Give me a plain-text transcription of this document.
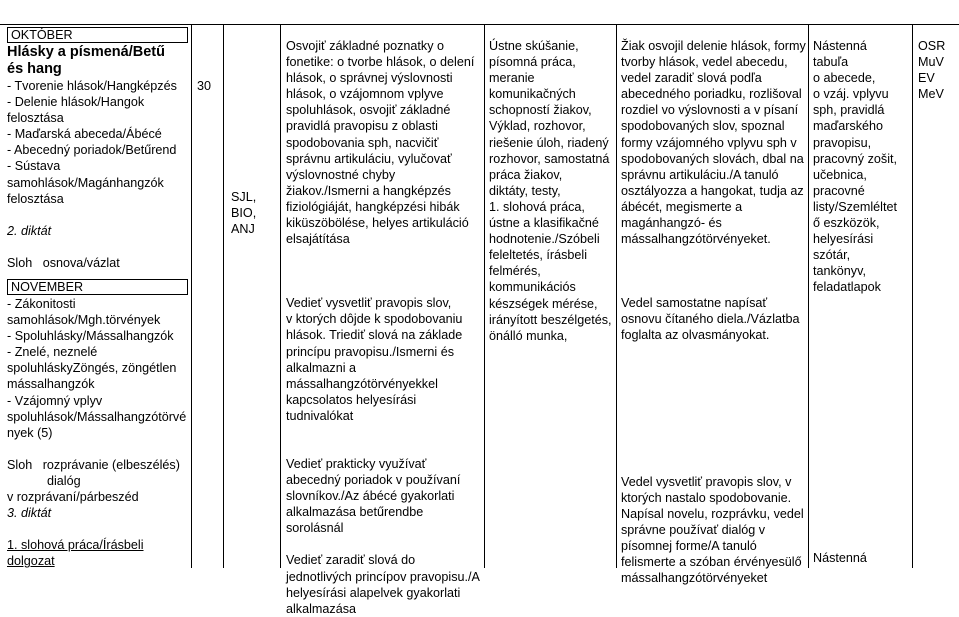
OKTÓBER
Hlásky a písmená/Betű
és hang
- Tvorenie hlások/Hangképzés
- Delenie hlások/Hangok
felosztása
- Maďarská abeceda/Ábécé
- Abecedný poriadok/Betűrend
- Sústava
samohlások/Magánhangzók
felosztása
2. diktát
Sloh   osnova/vázlat
NOVEMBER
- Zákonitosti
samohlások/Mgh.törvények
- Spoluhlásky/Mássalhangzók
- Znelé, neznelé
spoluhláskyZöngés, zöngétlen
mássalhangzók
- Vzájomný vplyv
spoluhlások/Mássalhangzótörvé
nyek (5)
Sloh   rozprávanie (elbeszélés)
dialóg
v rozprávaní/párbeszéd
3. diktát
1. slohová práca/Írásbeli
dolgozat
30
SJL,
BIO,
ANJ
Osvojiť základné poznatky o
fonetike: o tvorbe hlások, o delení
hlások, o správnej výslovnosti
hlások, o vzájomnom vplyve
spoluhlások, osvojiť základné
pravidlá pravopisu z oblasti
spodobovania sph, nacvičiť
správnu artikuláciu, vylučovať
výslovnostné chyby
žiakov./Ismerni a hangképzés
fiziológiáját, hangképzési hibák
kiküszöbölése, helyes artikuláció
elsajátítása
Vedieť vysvetliť pravopis slov,
v ktorých dôjde k spodobovaniu
hlások. Triediť slová na základe
princípu pravopisu./Ismerni és
alkalmazni a
mássalhangzótörvényekkel
kapcsolatos helyesírási
tudnivalókat
Vedieť prakticky využívať
abecedný poriadok v používaní
slovníkov./Az ábécé gyakorlati
alkalmazása betűrendbe
sorolásnál
Vedieť zaradiť slová do
jednotlivých princípov pravopisu./A
helyesírási alapelvek gyakorlati
alkalmazása
Ústne skúšanie,
písomná práca,
meranie
komunikačných
schopností žiakov,
Výklad, rozhovor,
riešenie úloh, riadený
rozhovor, samostatná
práca žiakov,
diktáty, testy,
1. slohová práca,
ústne a klasifikačné
hodnotenie./Szóbeli
feleltetés, írásbeli
felmérés,
kommunikációs
készségek mérése,
irányított beszélgetés,
önálló munka,
Žiak osvojil delenie hlások, formy
tvorby hlások, vedel abecedu,
vedel zaradiť slová podľa
abecedného poriadku, rozlišoval
rozdiel vo výslovnosti a v písaní
spodobovaných slov, spoznal
formy vzájomného vplyvu sph v
spodobovaných slovách, dbal na
správnu artikuláciu./A tanuló
osztályozza a hangokat, tudja az
ábécét, megismerte a
magánhangzó- és
mássalhangzótörvényeket.
Vedel samostatne napísať
osnovu čítaného diela./Vázlatba
foglalta az olvasmányokat.
Vedel vysvetliť pravopis slov, v
ktorých nastalo spodobovanie.
Napísal novelu, rozprávku, vedel
správne používať dialóg v
písomnej forme/A tanuló
felismerte a szóban érvényesülő
mássalhangzótörvényeket
Nástenná
tabuľa
o abecede,
o vzáj. vplyvu
sph, pravidlá
maďarského
pravopisu,
pracovný zošit,
učebnica,
pracovné
listy/Szemléltet
ő eszközök,
helyesírási
szótár,
tankönyv,
feladatlapok
Nástenná
OSR
MuV
EV
MeV
